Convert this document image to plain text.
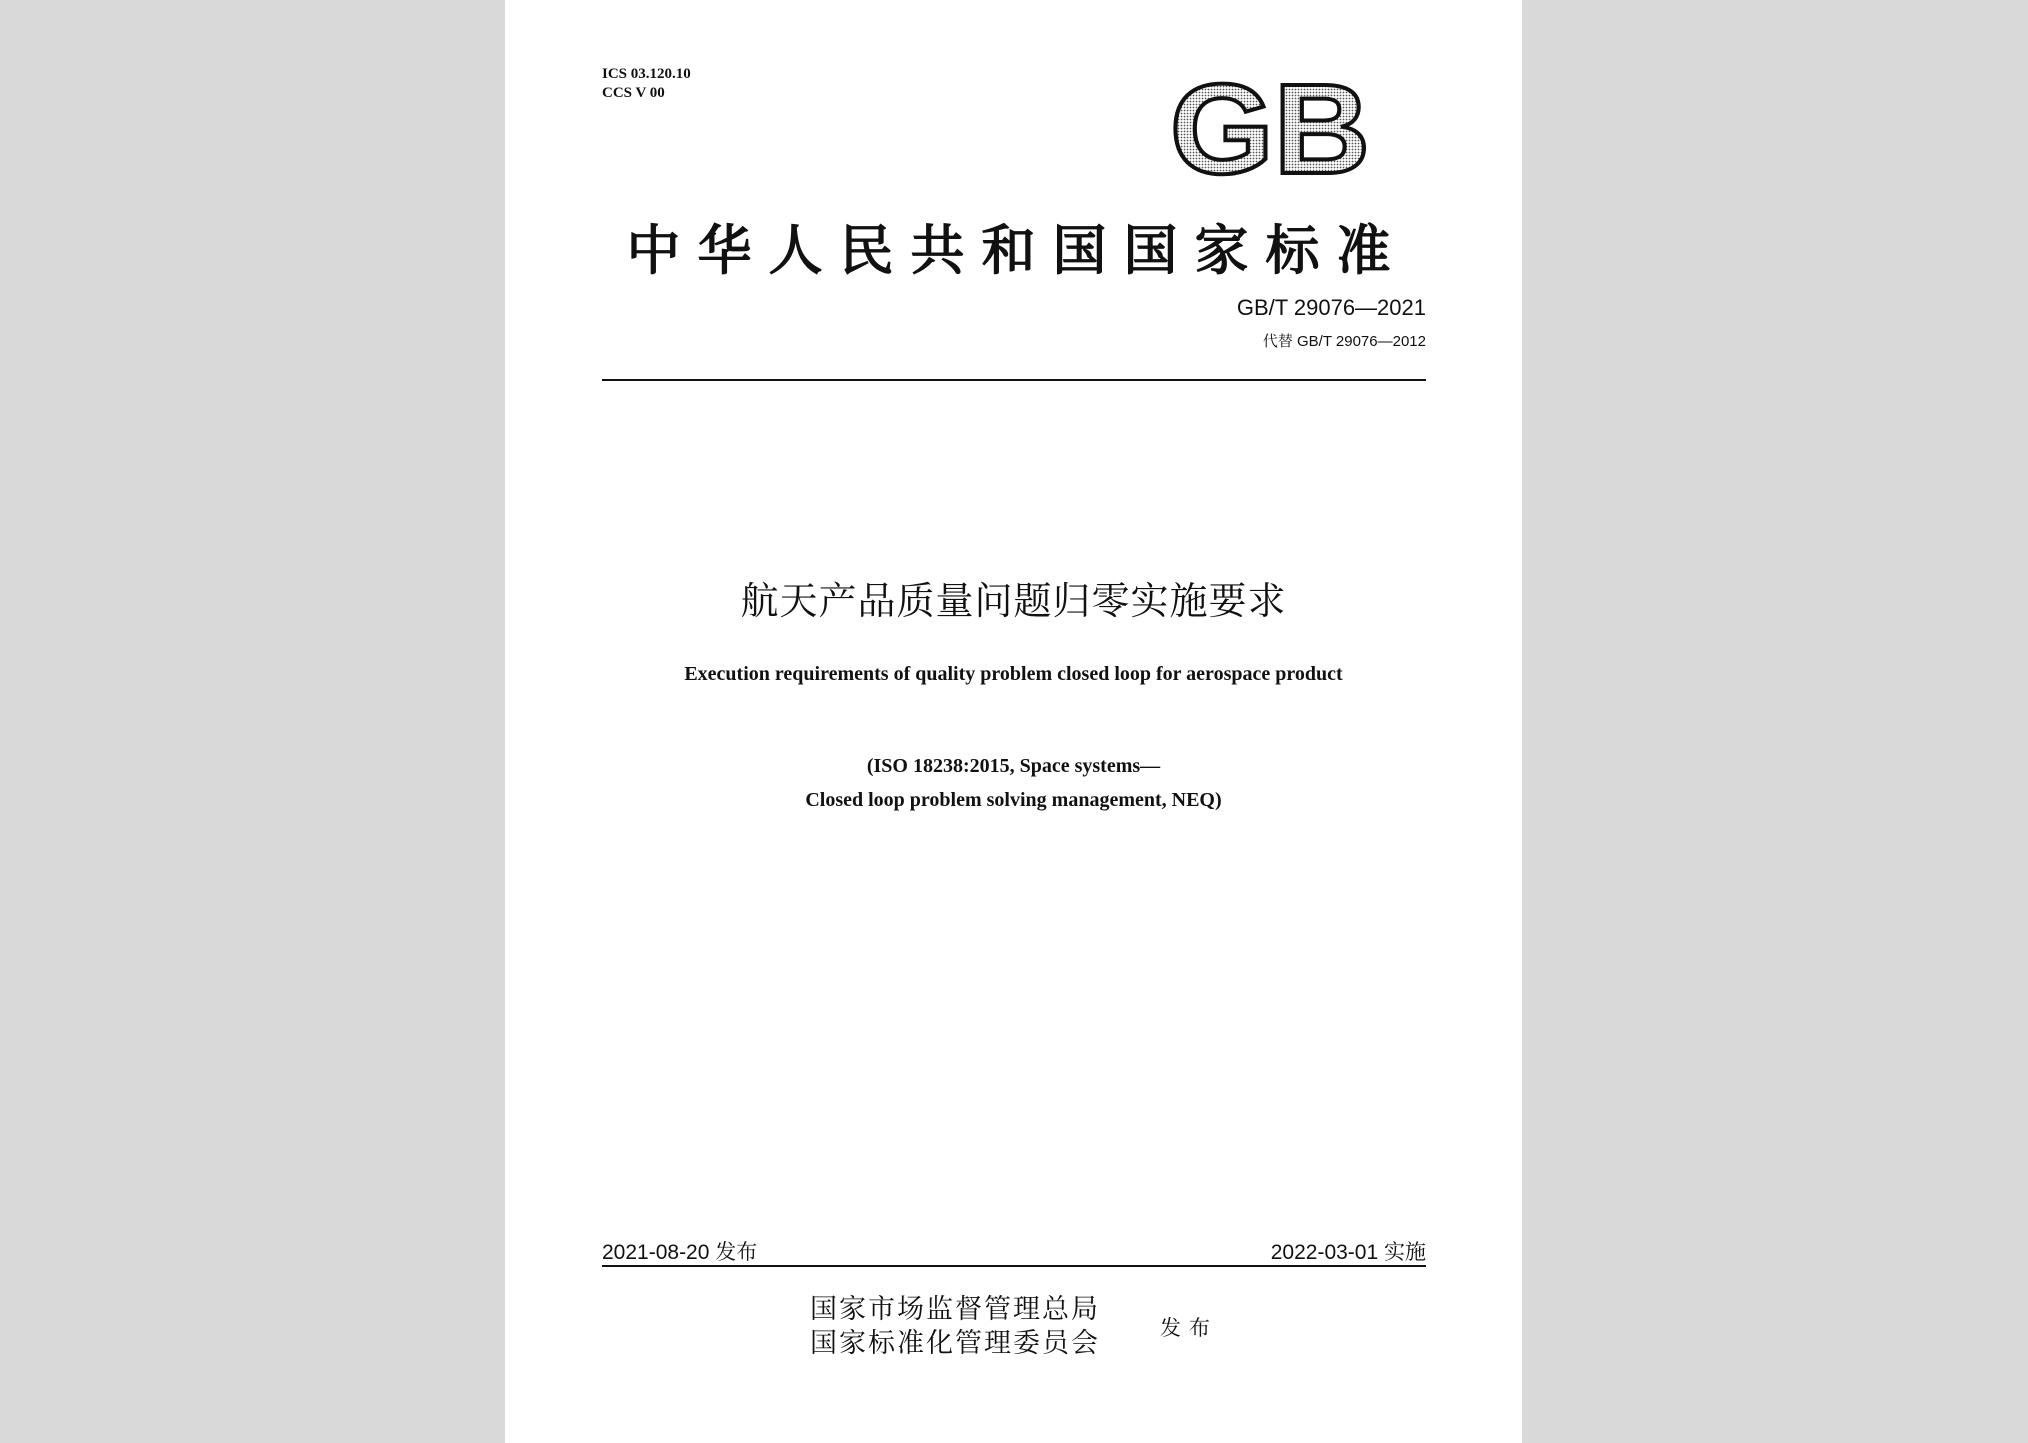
ICS 03.120.10
CCS V 00	GB
中华人民共和国国家标准
GB/T 29076—2021
代替 GB/T 29076—2012
航天产品质量问题归零实施要求
Execution requirements of quality problem closed loop for aerospace product
(ISO 18238:2015, Space systems—
Closed loop problem solving management, NEQ)
2021-08-20 发布	2022-03-01 实施
国家市场监督管理总局
国家标准化管理委员会	发布
